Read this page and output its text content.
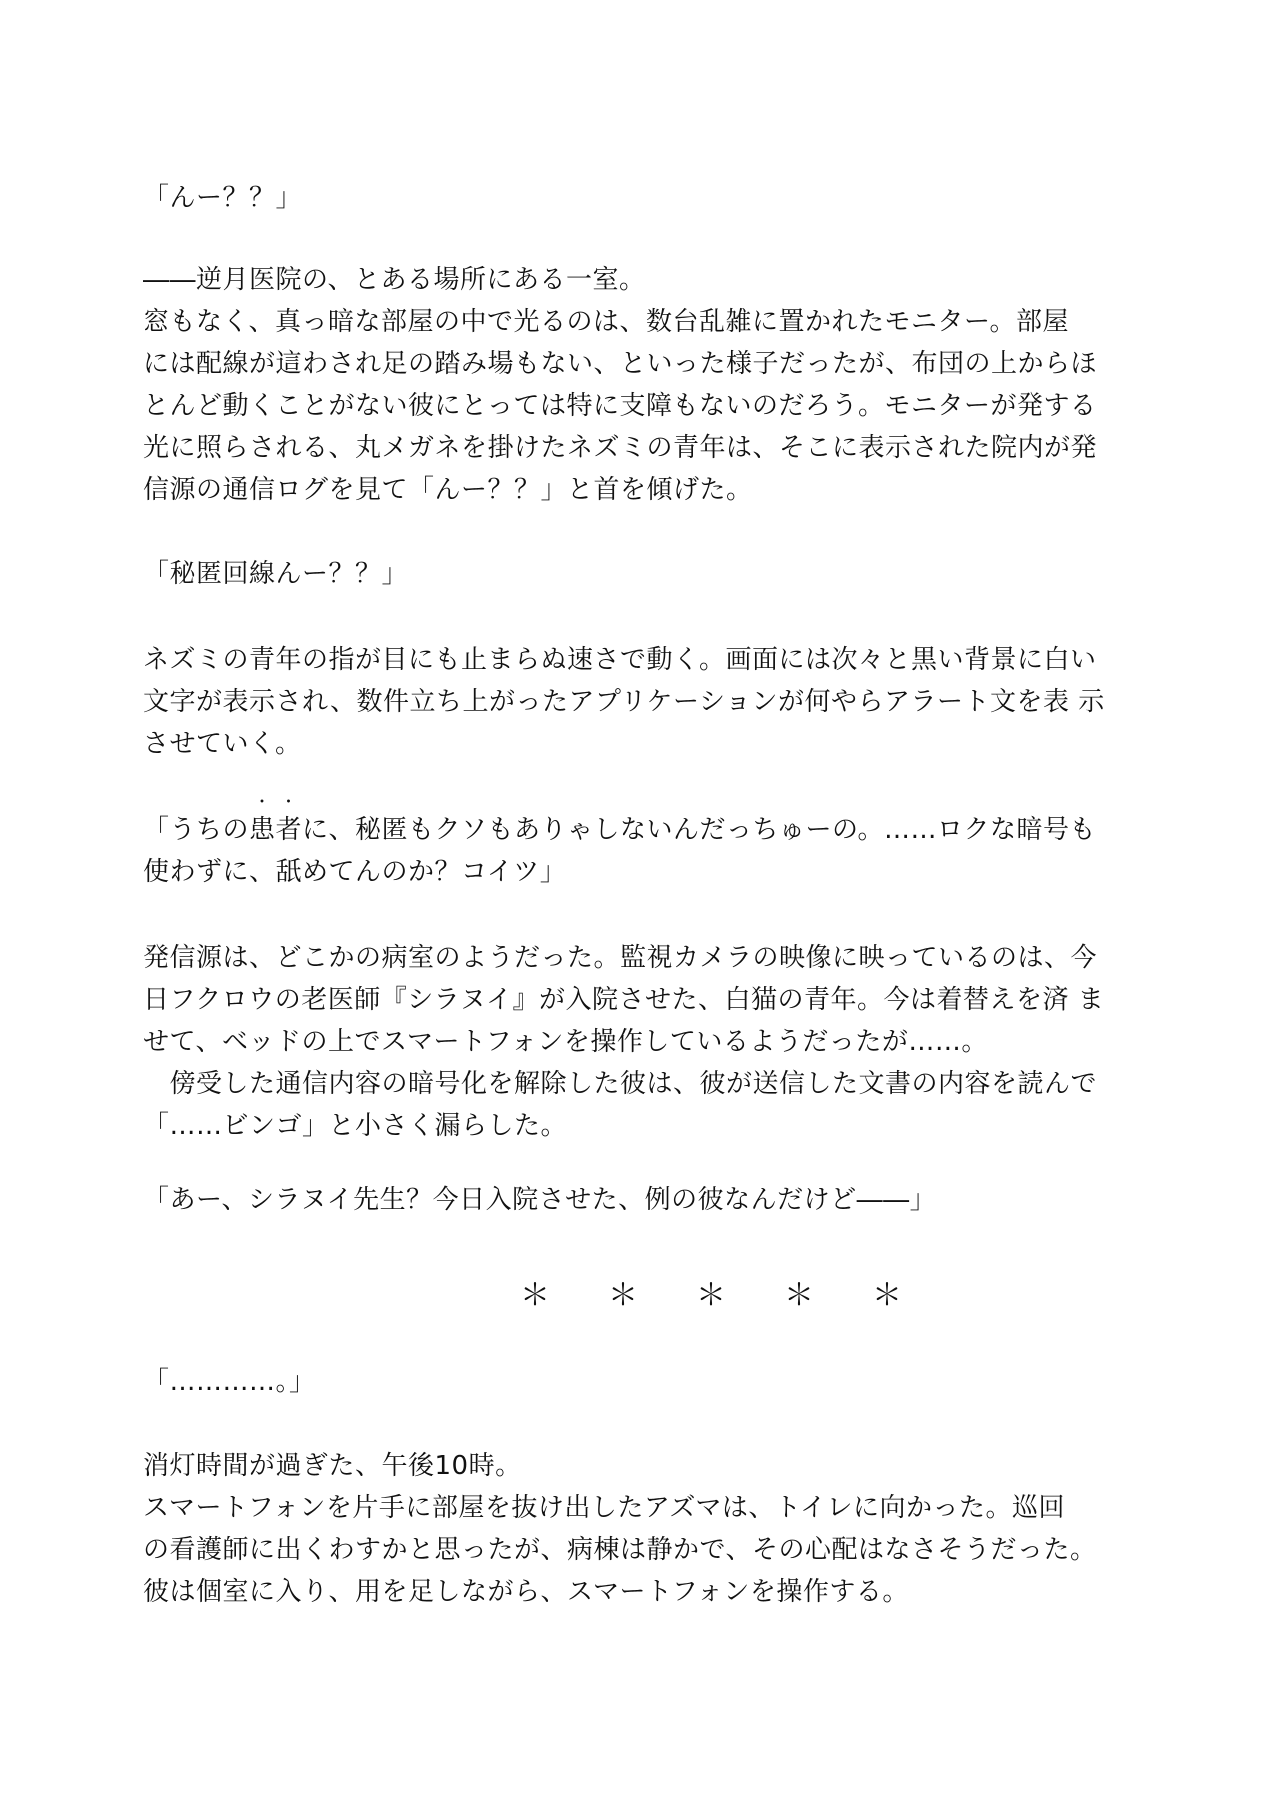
「んー？？」
――逆月医院の、とある場所にある一室。
窓もなく、真っ暗な部屋の中で光るのは、数台乱雑に置かれたモニター。部屋
には配線が這わされ足の踏み場もない、といった様子だったが、布団の上からほ
とんど動くことがない彼にとっては特に支障もないのだろう。モニターが発する
光に照らされる、丸メガネを掛けたネズミの青年は、そこに表示された院内が発
信源の通信ログを見て「んー？？」と首を傾げた。
「秘匿回線んー？？」
ネズミの青年の指が目にも止まらぬ速さで動く。画面には次々と黒い背景に白い
文字が表示され、数件立ち上がったアプリケーションが何やらアラート文を表 示
させていく。
「うちの・ 患・ 者に、秘匿もクソもありゃしないんだっちゅーの。……ロクな暗号も
使わずに、舐めてんのか？コイツ」
発信源は、どこかの病室のようだった。監視カメラの映像に映っているのは、今
日フクロウの老医師『シラヌイ』が入院させた、白猫の青年。今は着替えを済 ま
せて、ベッドの上でスマートフォンを操作しているようだったが……。
　傍受した通信内容の暗号化を解除した彼は、彼が送信した文書の内容を読んで
「……ビンゴ」と小さく漏らした。
「あー、シラヌイ先生？今日入院させた、例の彼なんだけど――」
＊　＊　＊　＊　＊
「…………。」
消灯時間が過ぎた、午後10時。
スマートフォンを片手に部屋を抜け出したアズマは、トイレに向かった。巡回
の看護師に出くわすかと思ったが、病棟は静かで、その心配はなさそうだった。
彼は個室に入り、用を足しながら、スマートフォンを操作する。
